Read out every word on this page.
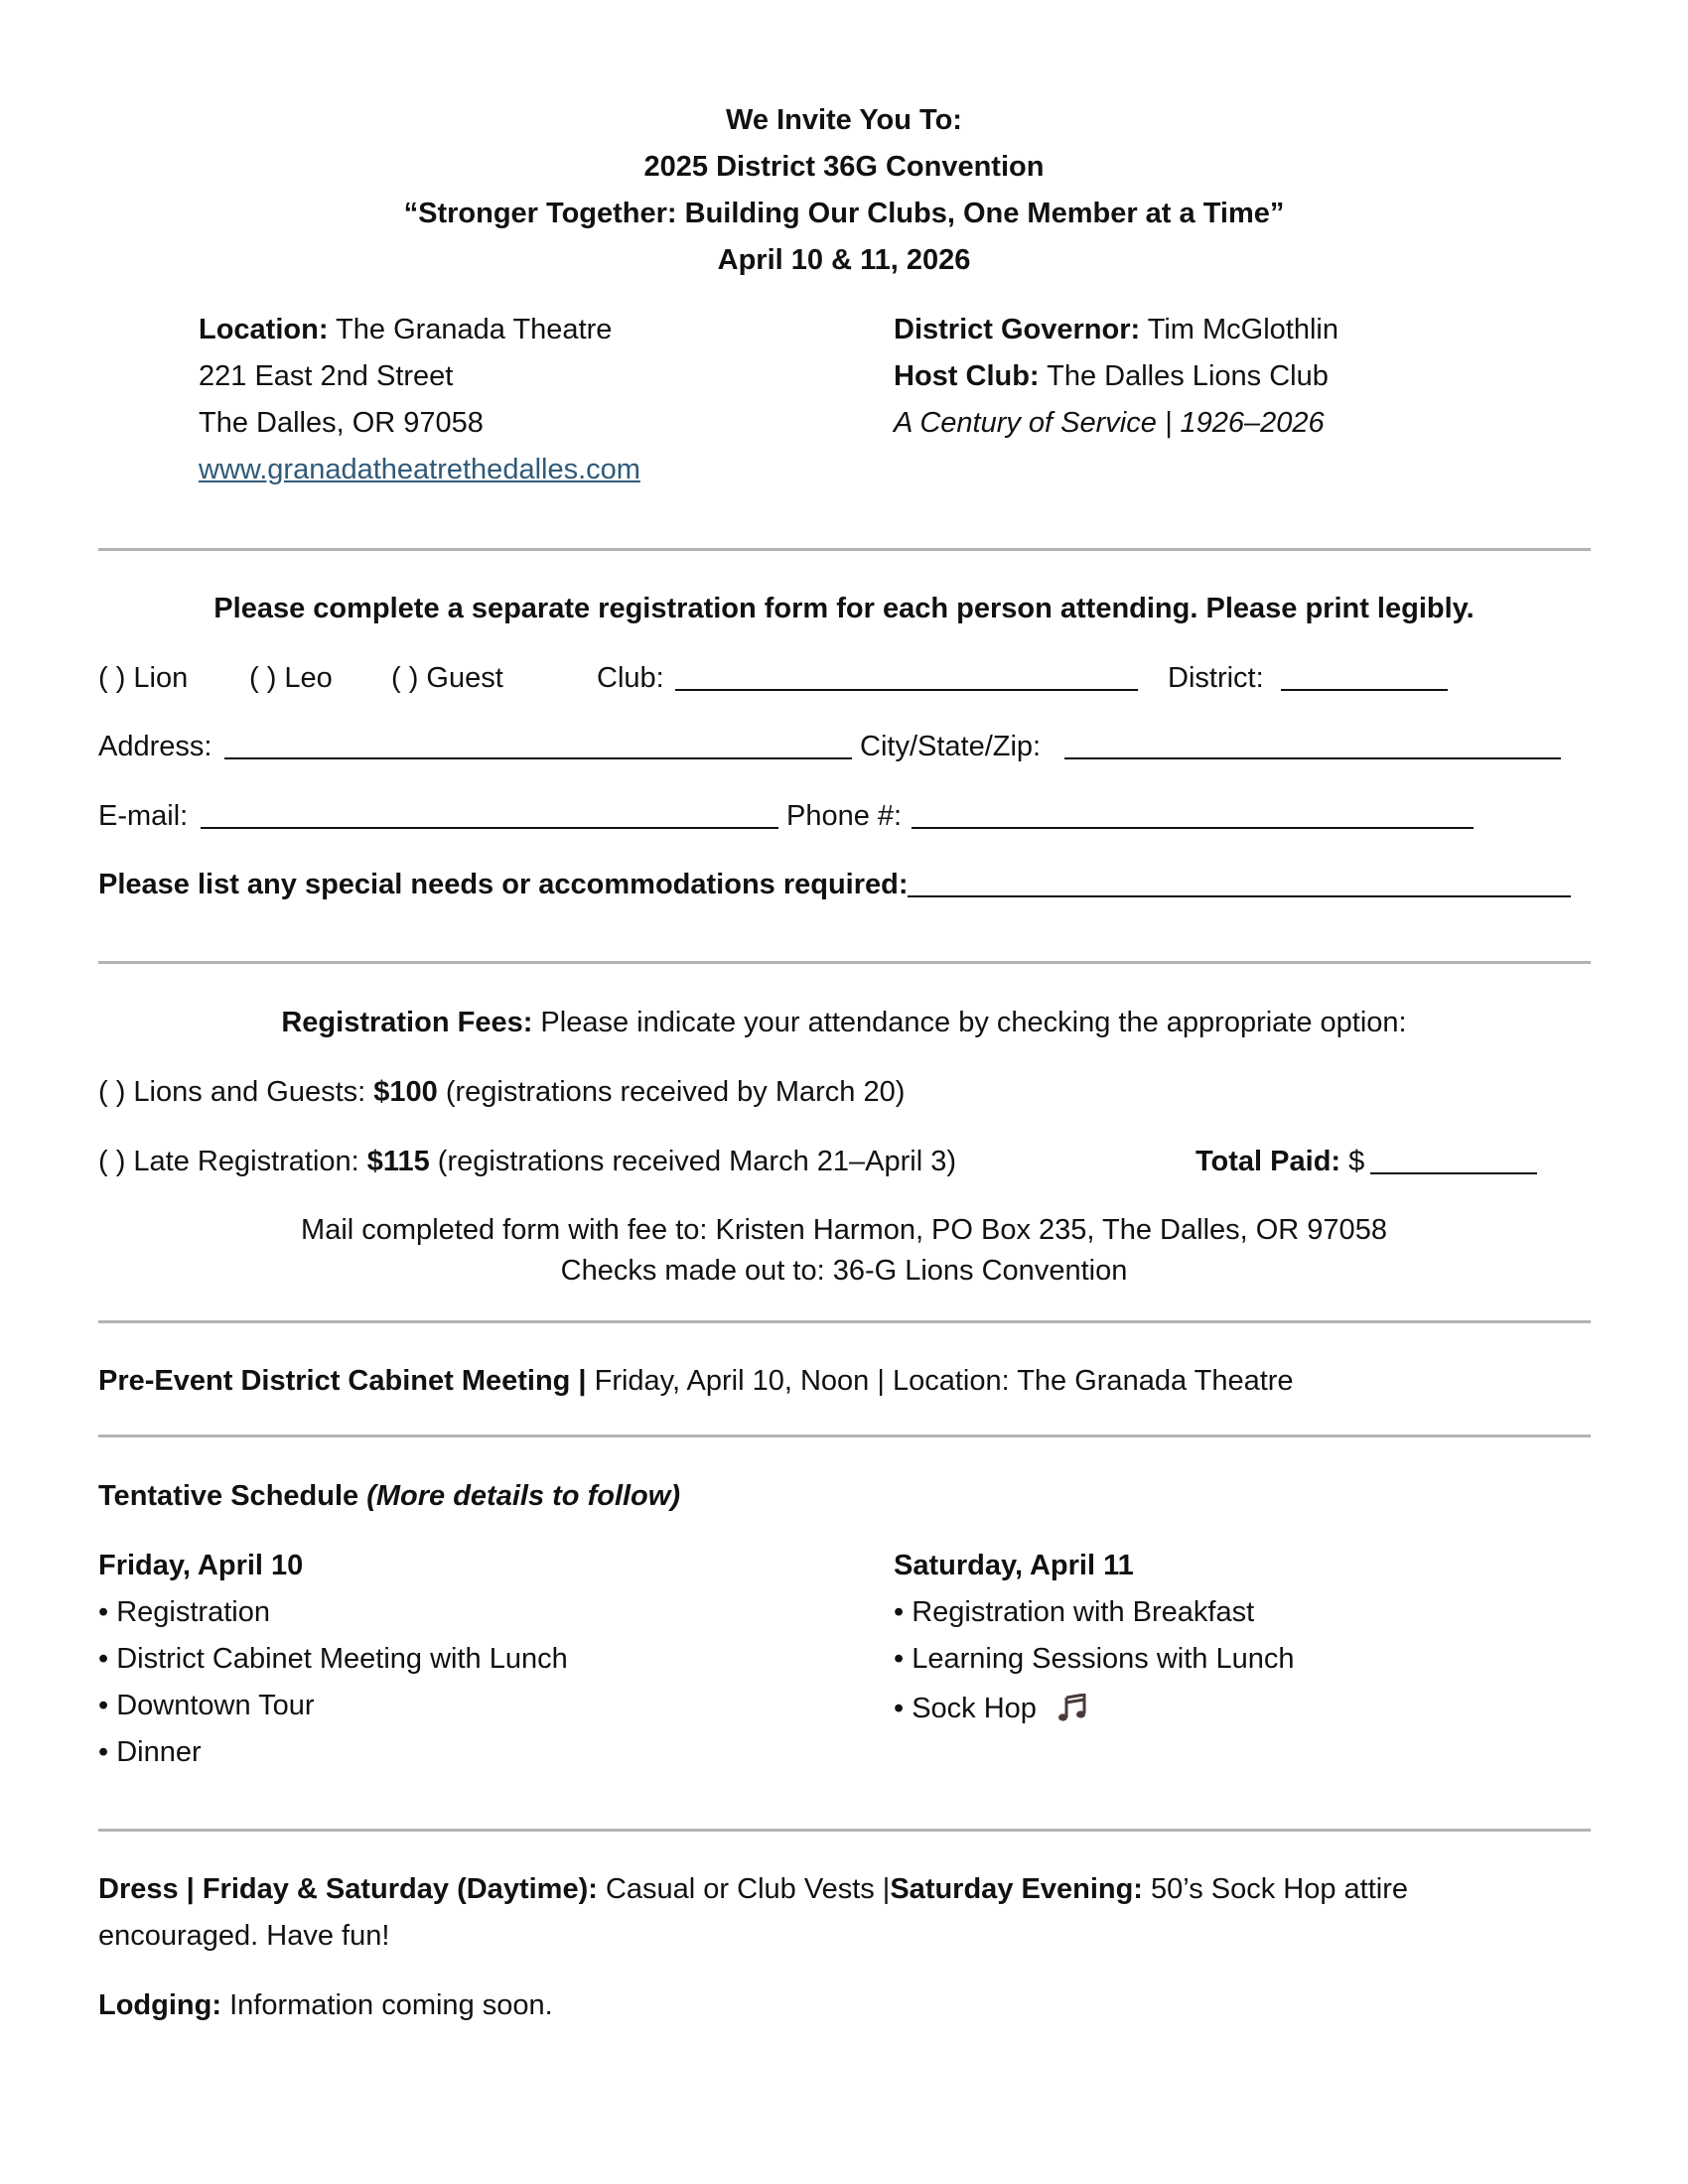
We Invite You To:
2025 District 36G Convention
“Stronger Together: Building Our Clubs, One Member at a Time”
April 10 & 11, 2026
Location: The Granada Theatre
221 East 2nd Street
The Dalles, OR 97058
www.granadatheatrethedalles.com
District Governor: Tim McGlothlin
Host Club: The Dalles Lions Club
A Century of Service | 1926–2026
Please complete a separate registration form for each person attending. Please print legibly.
( ) Lion ( ) Leo ( ) Guest	Club:	District:
Address:	City/State/Zip:
E-mail:	Phone #:
Please list any special needs or accommodations required:
Registration Fees: Please indicate your attendance by checking the appropriate option:
( ) Lions and Guests: $100 (registrations received by March 20)
( ) Late Registration: $115 (registrations received March 21–April 3)	Total Paid: $
Mail completed form with fee to: Kristen Harmon, PO Box 235, The Dalles, OR 97058
Checks made out to: 36-G Lions Convention
Pre-Event District Cabinet Meeting | Friday, April 10, Noon | Location: The Granada Theatre
Tentative Schedule (More details to follow)
Friday, April 10
• Registration
• District Cabinet Meeting with Lunch
• Downtown Tour
• Dinner
Saturday, April 11
• Registration with Breakfast
• Learning Sessions with Lunch
• Sock Hop
Dress | Friday & Saturday (Daytime): Casual or Club Vests |Saturday Evening: 50’s Sock Hop attire
encouraged. Have fun!
Lodging: Information coming soon.
